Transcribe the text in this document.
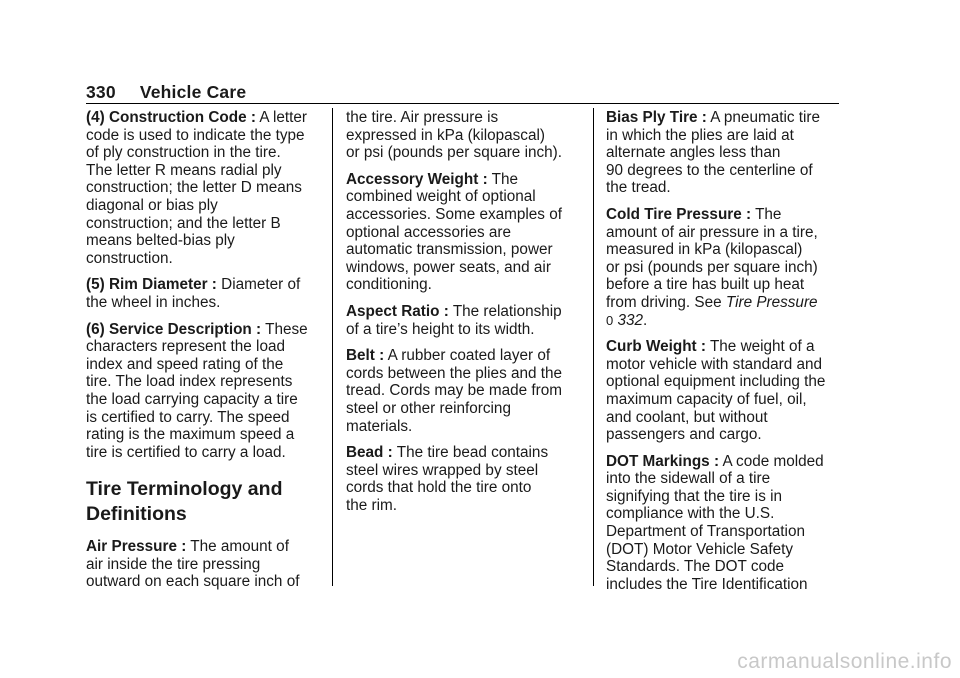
330 Vehicle Care
(4) Construction Code : A letter
code is used to indicate the type
of ply construction in the tire.
The letter R means radial ply
construction; the letter D means
diagonal or bias ply
construction; and the letter B
means belted-bias ply
construction.
(5) Rim Diameter : Diameter of
the wheel in inches.
(6) Service Description : These
characters represent the load
index and speed rating of the
tire. The load index represents
the load carrying capacity a tire
is certified to carry. The speed
rating is the maximum speed a
tire is certified to carry a load.
Tire Terminology and
Definitions
Air Pressure : The amount of
air inside the tire pressing
outward on each square inch of
the tire. Air pressure is
expressed in kPa (kilopascal)
or psi (pounds per square inch).
Accessory Weight : The
combined weight of optional
accessories. Some examples of
optional accessories are
automatic transmission, power
windows, power seats, and air
conditioning.
Aspect Ratio : The relationship
of a tire’s height to its width.
Belt : A rubber coated layer of
cords between the plies and the
tread. Cords may be made from
steel or other reinforcing
materials.
Bead : The tire bead contains
steel wires wrapped by steel
cords that hold the tire onto
the rim.
Bias Ply Tire : A pneumatic tire
in which the plies are laid at
alternate angles less than
90 degrees to the centerline of
the tread.
Cold Tire Pressure : The
amount of air pressure in a tire,
measured in kPa (kilopascal)
or psi (pounds per square inch)
before a tire has built up heat
from driving. See Tire Pressure
0 332.
Curb Weight : The weight of a
motor vehicle with standard and
optional equipment including the
maximum capacity of fuel, oil,
and coolant, but without
passengers and cargo.
DOT Markings : A code molded
into the sidewall of a tire
signifying that the tire is in
compliance with the U.S.
Department of Transportation
(DOT) Motor Vehicle Safety
Standards. The DOT code
includes the Tire Identification
carmanualsonline.info
